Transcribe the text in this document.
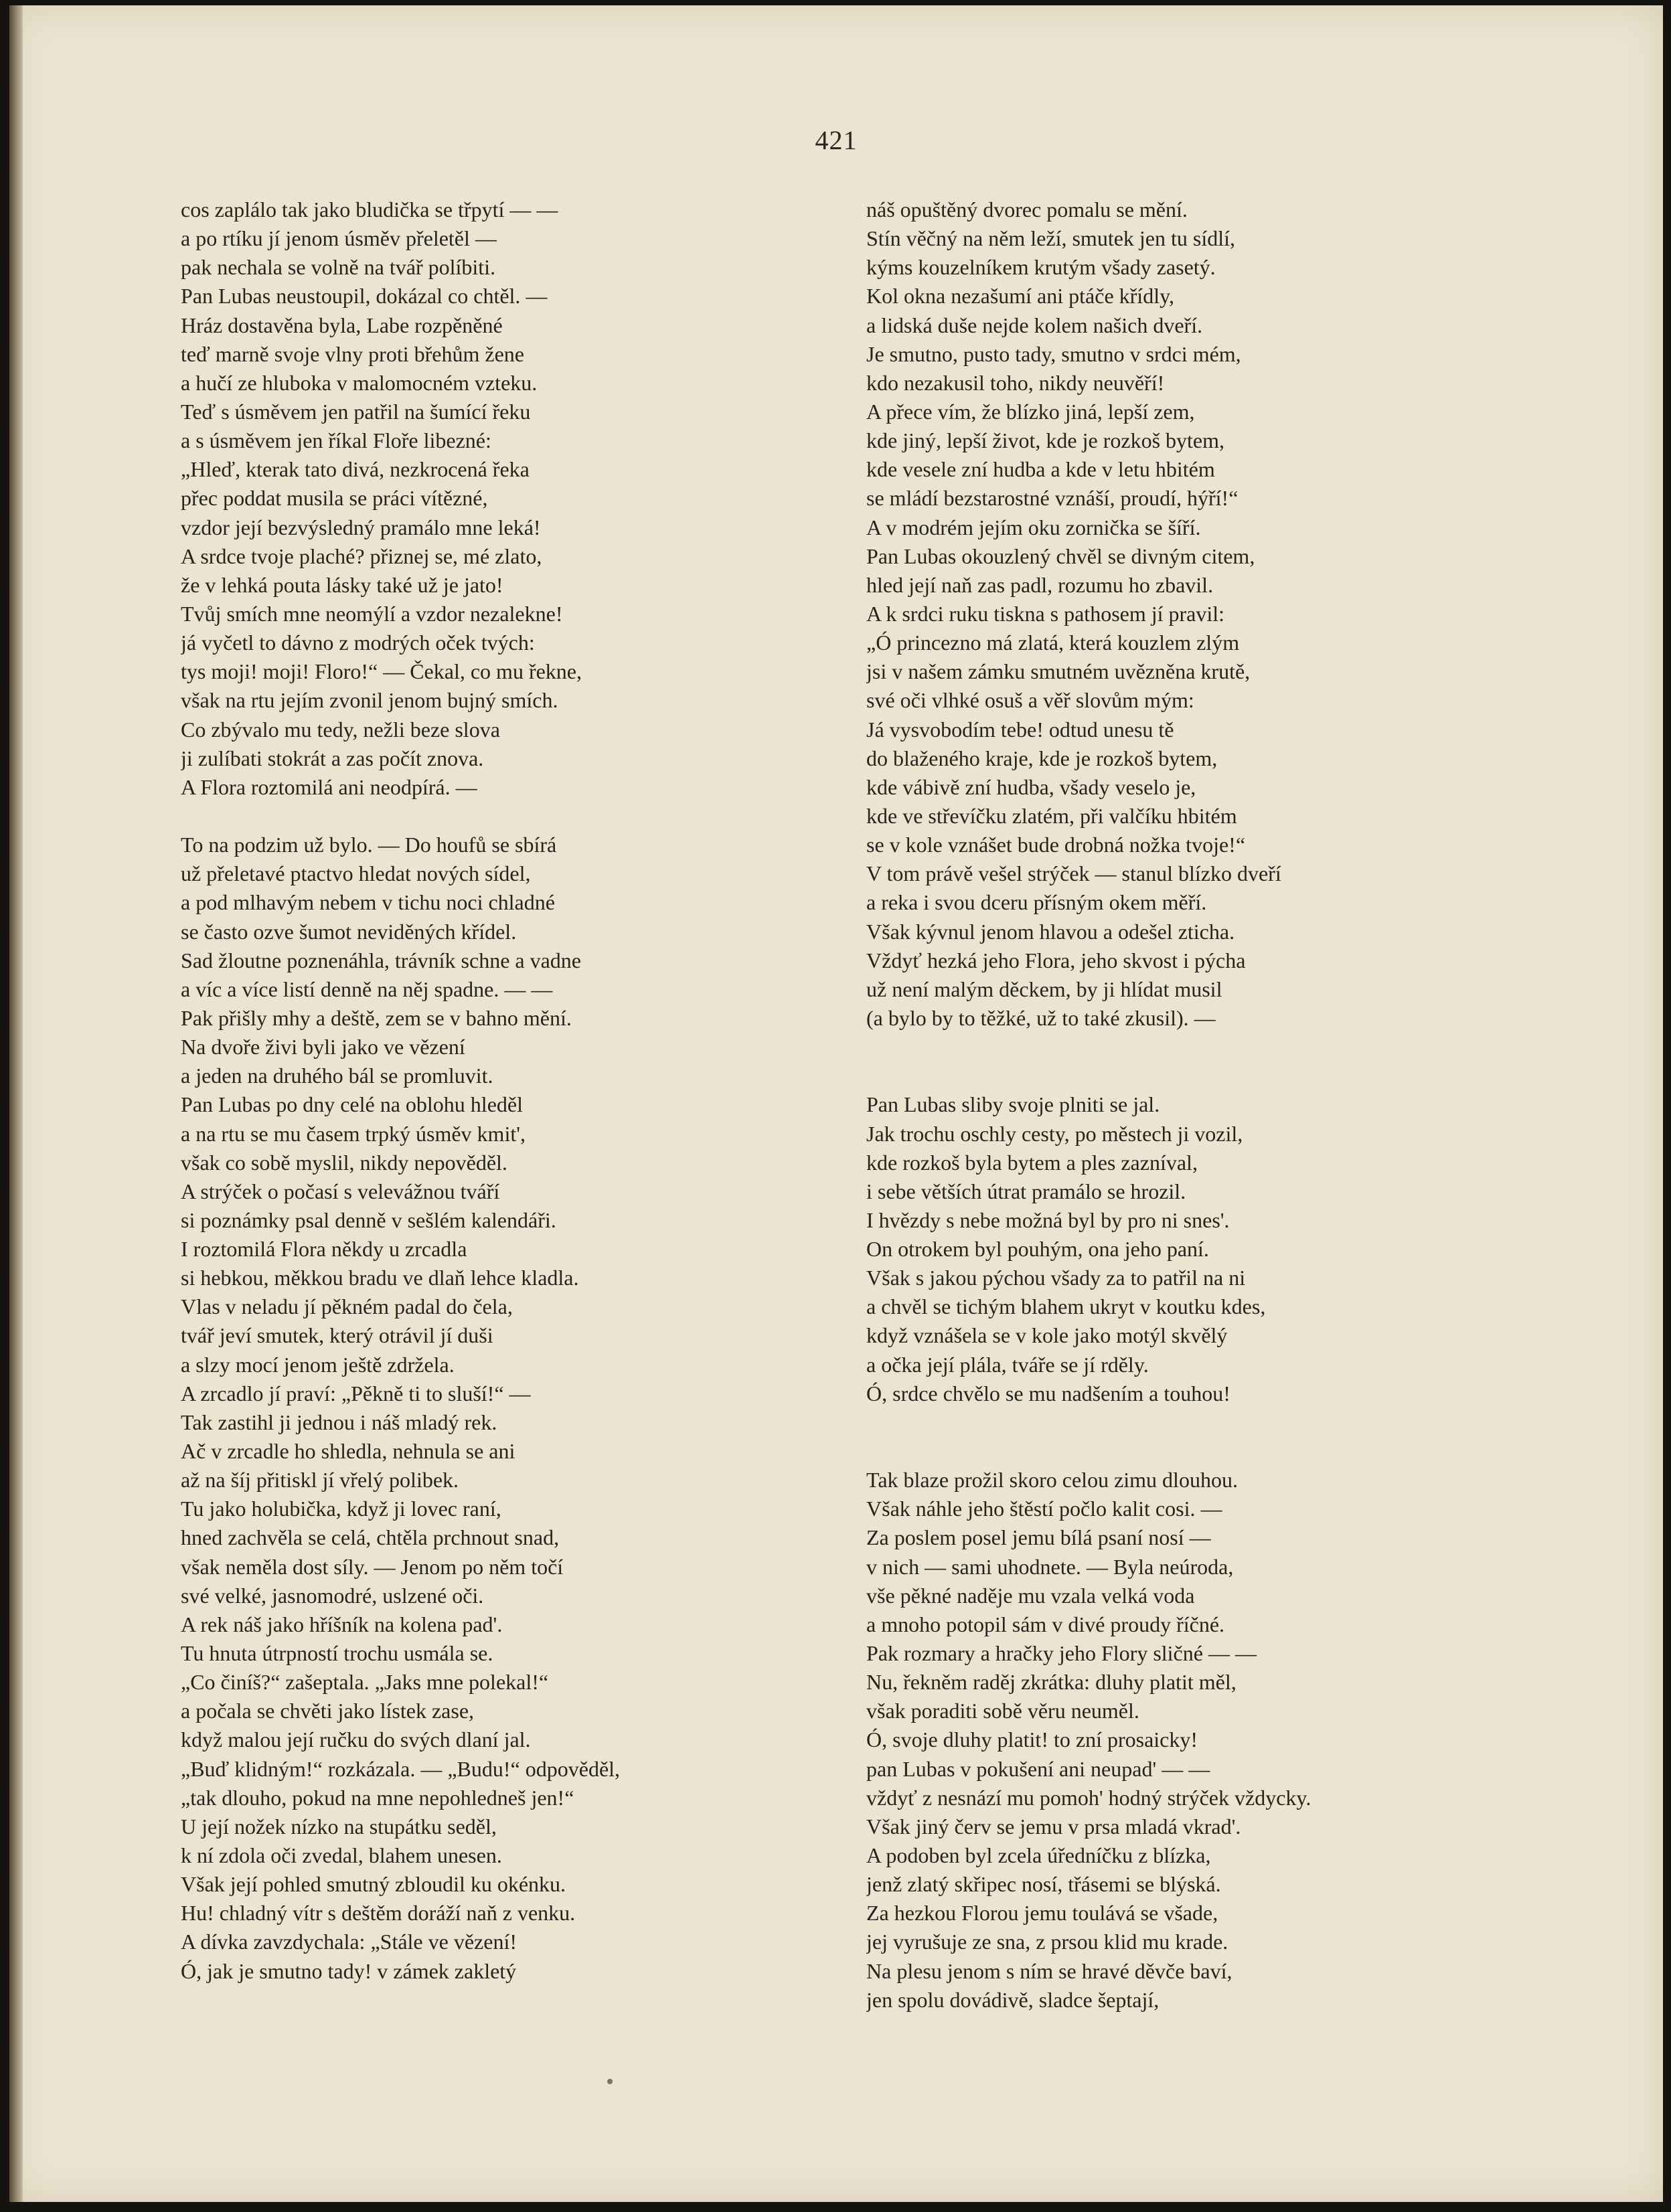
421
cos zaplálo tak jako bludička se třpytí — —
a po rtíku jí jenom úsměv přeletěl —
pak nechala se volně na tvář políbiti.
Pan Lubas neustoupil, dokázal co chtěl. —
Hráz dostavěna byla, Labe rozpěněné
teď marně svoje vlny proti břehům žene
a hučí ze hluboka v malomocném vzteku.
Teď s úsměvem jen patřil na šumící řeku
a s úsměvem jen říkal Floře libezné:
„Hleď, kterak tato divá, nezkrocená řeka
přec poddat musila se práci vítězné,
vzdor její bezvýsledný pramálo mne leká!
A srdce tvoje plaché? přiznej se, mé zlato,
že v lehká pouta lásky také už je jato!
Tvůj smích mne neomýlí a vzdor nezalekne!
já vyčetl to dávno z modrých oček tvých:
tys moji! moji! Floro!“ — Čekal, co mu řekne,
však na rtu jejím zvonil jenom bujný smích.
Co zbývalo mu tedy, nežli beze slova
ji zulíbati stokrát a zas počít znova.
A Flora roztomilá ani neodpírá. —
To na podzim už bylo. — Do houfů se sbírá
už přeletavé ptactvo hledat nových sídel,
a pod mlhavým nebem v tichu noci chladné
se často ozve šumot neviděných křídel.
Sad žloutne poznenáhla, trávník schne a vadne
a víc a více listí denně na něj spadne. — —
Pak přišly mhy a deště, zem se v bahno mění.
Na dvoře živi byli jako ve vězení
a jeden na druhého bál se promluvit.
Pan Lubas po dny celé na oblohu hleděl
a na rtu se mu časem trpký úsměv kmit',
však co sobě myslil, nikdy nepověděl.
A strýček o počasí s velevážnou tváří
si poznámky psal denně v sešlém kalendáři.
I roztomilá Flora někdy u zrcadla
si hebkou, měkkou bradu ve dlaň lehce kladla.
Vlas v neladu jí pěkném padal do čela,
tvář jeví smutek, který otrávil jí duši
a slzy mocí jenom ještě zdržela.
A zrcadlo jí praví: „Pěkně ti to sluší!“ —
Tak zastihl ji jednou i náš mladý rek.
Ač v zrcadle ho shledla, nehnula se ani
až na šíj přitiskl jí vřelý polibek.
Tu jako holubička, když ji lovec raní,
hned zachvěla se celá, chtěla prchnout snad,
však neměla dost síly. — Jenom po něm točí
své velké, jasnomodré, uslzené oči.
A rek náš jako hříšník na kolena pad'.
Tu hnuta útrpností trochu usmála se.
„Co činíš?“ zašeptala. „Jaks mne polekal!“
a počala se chvěti jako lístek zase,
když malou její ručku do svých dlaní jal.
„Buď klidným!“ rozkázala. — „Budu!“ odpověděl,
„tak dlouho, pokud na mne nepohledneš jen!“
U její nožek nízko na stupátku seděl,
k ní zdola oči zvedal, blahem unesen.
Však její pohled smutný zbloudil ku okénku.
Hu! chladný vítr s deštěm doráží naň z venku.
A dívka zavzdychala: „Stále ve vězení!
Ó, jak je smutno tady! v zámek zakletý
náš opuštěný dvorec pomalu se mění.
Stín věčný na něm leží, smutek jen tu sídlí,
kýms kouzelníkem krutým všady zasetý.
Kol okna nezašumí ani ptáče křídly,
a lidská duše nejde kolem našich dveří.
Je smutno, pusto tady, smutno v srdci mém,
kdo nezakusil toho, nikdy neuvěří!
A přece vím, že blízko jiná, lepší zem,
kde jiný, lepší život, kde je rozkoš bytem,
kde vesele zní hudba a kde v letu hbitém
se mládí bezstarostné vznáší, proudí, hýří!“
A v modrém jejím oku zornička se šíří.
Pan Lubas okouzlený chvěl se divným citem,
hled její naň zas padl, rozumu ho zbavil.
A k srdci ruku tiskna s pathosem jí pravil:
„Ó princezno má zlatá, která kouzlem zlým
jsi v našem zámku smutném uvězněna krutě,
své oči vlhké osuš a věř slovům mým:
Já vysvobodím tebe! odtud unesu tě
do blaženého kraje, kde je rozkoš bytem,
kde vábivě zní hudba, všady veselo je,
kde ve střevíčku zlatém, při valčíku hbitém
se v kole vznášet bude drobná nožka tvoje!“
V tom právě vešel strýček — stanul blízko dveří
a reka i svou dceru přísným okem měří.
Však kývnul jenom hlavou a odešel zticha.
Vždyť hezká jeho Flora, jeho skvost i pýcha
už není malým děckem, by ji hlídat musil
(a bylo by to těžké, už to také zkusil). —
Pan Lubas sliby svoje plniti se jal.
Jak trochu oschly cesty, po městech ji vozil,
kde rozkoš byla bytem a ples zazníval,
i sebe větších útrat pramálo se hrozil.
I hvězdy s nebe možná byl by pro ni snes'.
On otrokem byl pouhým, ona jeho paní.
Však s jakou pýchou všady za to patřil na ni
a chvěl se tichým blahem ukryt v koutku kdes,
když vznášela se v kole jako motýl skvělý
a očka její plála, tváře se jí rděly.
Ó, srdce chvělo se mu nadšením a touhou!
Tak blaze prožil skoro celou zimu dlouhou.
Však náhle jeho štěstí počlo kalit cosi. —
Za poslem posel jemu bílá psaní nosí —
v nich — sami uhodnete. — Byla neúroda,
vše pěkné naděje mu vzala velká voda
a mnoho potopil sám v divé proudy říčné.
Pak rozmary a hračky jeho Flory sličné — —
Nu, řekněm raděj zkrátka: dluhy platit měl,
však poraditi sobě věru neuměl.
Ó, svoje dluhy platit! to zní prosaicky!
pan Lubas v pokušení ani neupad' — —
vždyť z nesnází mu pomoh' hodný strýček vždycky.
Však jiný červ se jemu v prsa mladá vkrad'.
A podoben byl zcela úředníčku z blízka,
jenž zlatý skřipec nosí, třásemi se blýská.
Za hezkou Florou jemu toulává se všade,
jej vyrušuje ze sna, z prsou klid mu krade.
Na plesu jenom s ním se hravé děvče baví,
jen spolu dovádivě, sladce šeptají,
